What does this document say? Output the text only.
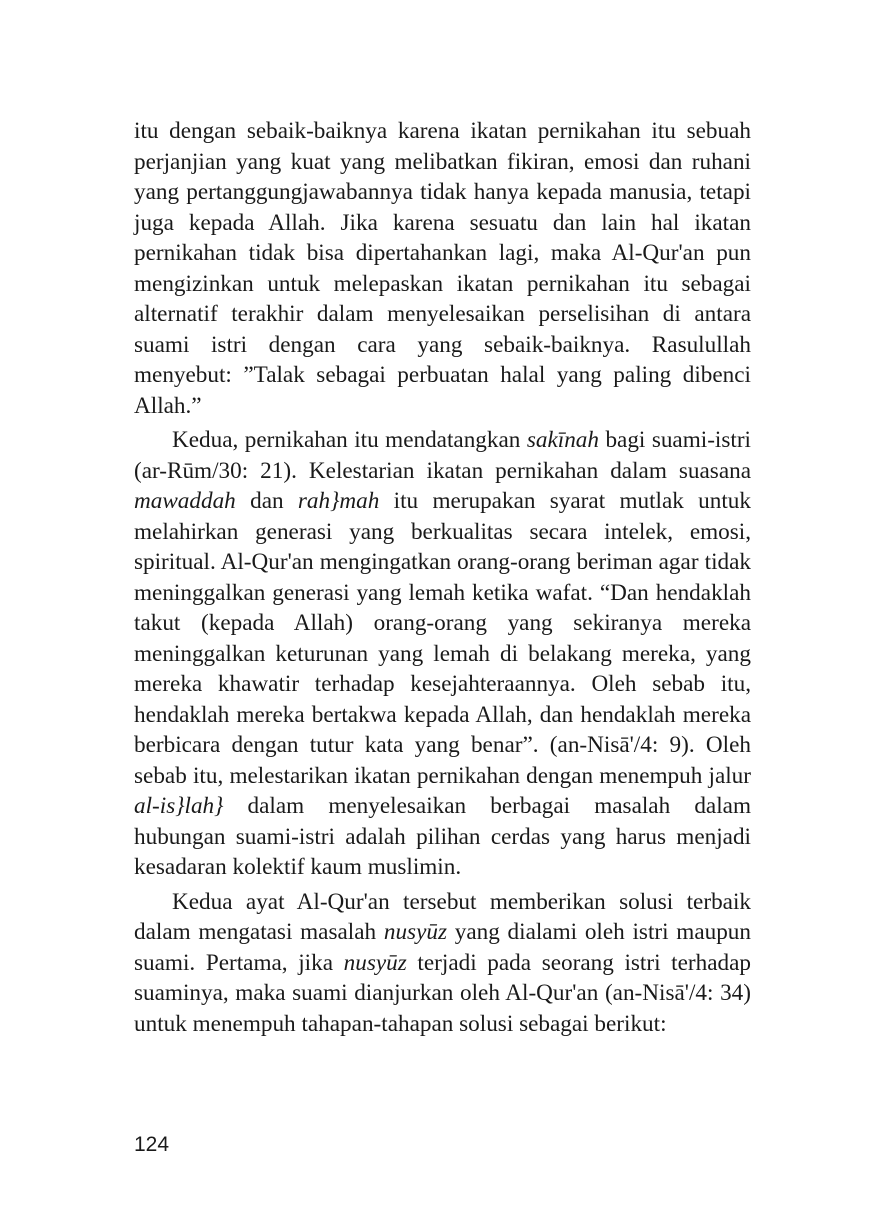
itu dengan sebaik-baiknya karena ikatan pernikahan itu sebuah perjanjian yang kuat yang melibatkan fikiran, emosi dan ruhani yang pertanggungjawabannya tidak hanya kepada manusia, tetapi juga kepada Allah. Jika karena sesuatu dan lain hal ikatan pernikahan tidak bisa dipertahankan lagi, maka Al-Qur'an pun mengizinkan untuk melepaskan ikatan pernikahan itu sebagai alternatif terakhir dalam menyelesaikan perselisihan di antara suami istri dengan cara yang sebaik-baiknya. Rasulullah menyebut: ”Talak sebagai perbuatan halal yang paling dibenci Allah.”

Kedua, pernikahan itu mendatangkan sakīnah bagi suami-istri (ar-Rūm/30: 21). Kelestarian ikatan pernikahan dalam suasana mawaddah dan rah}mah itu merupakan syarat mutlak untuk melahirkan generasi yang berkualitas secara intelek, emosi, spiritual. Al-Qur'an mengingatkan orang-orang beriman agar tidak meninggalkan generasi yang lemah ketika wafat. “Dan hendaklah takut (kepada Allah) orang-orang yang sekiranya mereka meninggalkan keturunan yang lemah di belakang mereka, yang mereka khawatir terhadap kesejahteraannya. Oleh sebab itu, hendaklah mereka bertakwa kepada Allah, dan hendaklah mereka berbicara dengan tutur kata yang benar”. (an-Nisā'/4: 9). Oleh sebab itu, melestarikan ikatan pernikahan dengan menempuh jalur al-is}lah} dalam menyelesaikan berbagai masalah dalam hubungan suami-istri adalah pilihan cerdas yang harus menjadi kesadaran kolektif kaum muslimin.

Kedua ayat Al-Qur'an tersebut memberikan solusi terbaik dalam mengatasi masalah nusyūz yang dialami oleh istri maupun suami. Pertama, jika nusyūz terjadi pada seorang istri terhadap suaminya, maka suami dianjurkan oleh Al-Qur'an (an-Nisā'/4: 34) untuk menempuh tahapan-tahapan solusi sebagai berikut:

124
